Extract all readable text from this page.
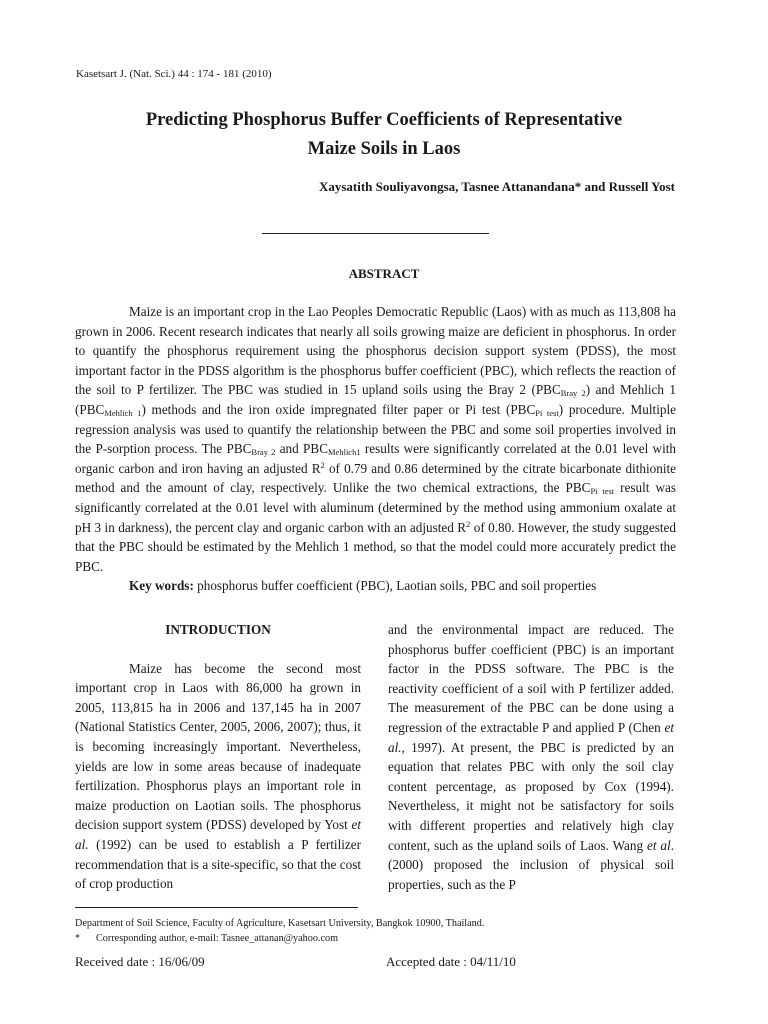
Kasetsart J. (Nat. Sci.) 44 : 174 - 181 (2010)
Predicting Phosphorus Buffer Coefficients of Representative
Maize Soils in Laos
Xaysatith Souliyavongsa, Tasnee Attanandana* and Russell Yost
ABSTRACT

Maize is an important crop in the Lao Peoples Democratic Republic (Laos) with as much as 113,808 ha grown in 2006. Recent research indicates that nearly all soils growing maize are deficient in phosphorus. In order to quantify the phosphorus requirement using the phosphorus decision support system (PDSS), the most important factor in the PDSS algorithm is the phosphorus buffer coefficient (PBC), which reflects the reaction of the soil to P fertilizer. The PBC was studied in 15 upland soils using the Bray 2 $(PBC_{Bray 2})$ and Mehlich 1 $(PBC_{Mehlich 1})$ methods and the iron oxide impregnated filter paper or Pi test $(PBC_{Pi test})$ procedure. Multiple regression analysis was used to quantify the relationship between the PBC and some soil properties involved in the P-sorption process. The $PBC_{Bray 2}$ and $PBC_{Mehlich1}$ results were significantly correlated at the 0.01 level with organic carbon and iron having an adjusted $R^2$ of 0.79 and 0.86 determined by the citrate bicarbonate dithionite method and the amount of clay, respectively. Unlike the two chemical extractions, the $PBC_{Pi test}$ result was significantly correlated at the 0.01 level with aluminum (determined by the method using ammonium oxalate at pH 3 in darkness), the percent clay and organic carbon with an adjusted $R^2$ of 0.80. However, the study suggested that the PBC should be estimated by the Mehlich 1 method, so that the model could more accurately predict the PBC.

Key words: phosphorus buffer coefficient (PBC), Laotian soils, PBC and soil properties

INTRODUCTION

Maize has become the second most important crop in Laos with 86,000 ha grown in 2005, 113,815 ha in 2006 and 137,145 ha in 2007 (National Statistics Center, 2005, 2006, 2007); thus, it is becoming increasingly important. Nevertheless, yields are low in some areas because of inadequate fertilization. Phosphorus plays an important role in maize production on Laotian soils. The phosphorus decision support system (PDSS) developed by Yost et al. (1992) can be used to establish a P fertilizer recommendation that is a site-specific, so that the cost of crop production

and the environmental impact are reduced. The phosphorus buffer coefficient (PBC) is an important factor in the PDSS software. The PBC is the reactivity coefficient of a soil with P fertilizer added. The measurement of the PBC can be done using a regression of the extractable P and applied P (Chen et al., 1997). At present, the PBC is predicted by an equation that relates PBC with only the soil clay content percentage, as proposed by Cox (1994). Nevertheless, it might not be satisfactory for soils with different properties and relatively high clay content, such as the upland soils of Laos. Wang et al. (2000) proposed the inclusion of physical soil properties, such as the P

Department of Soil Science, Faculty of Agriculture, Kasetsart University, Bangkok 10900, Thailand.
* Corresponding author, e-mail: Tasnee_attanan@yahoo.com
Received date : 16/06/09	Accepted date : 04/11/10
